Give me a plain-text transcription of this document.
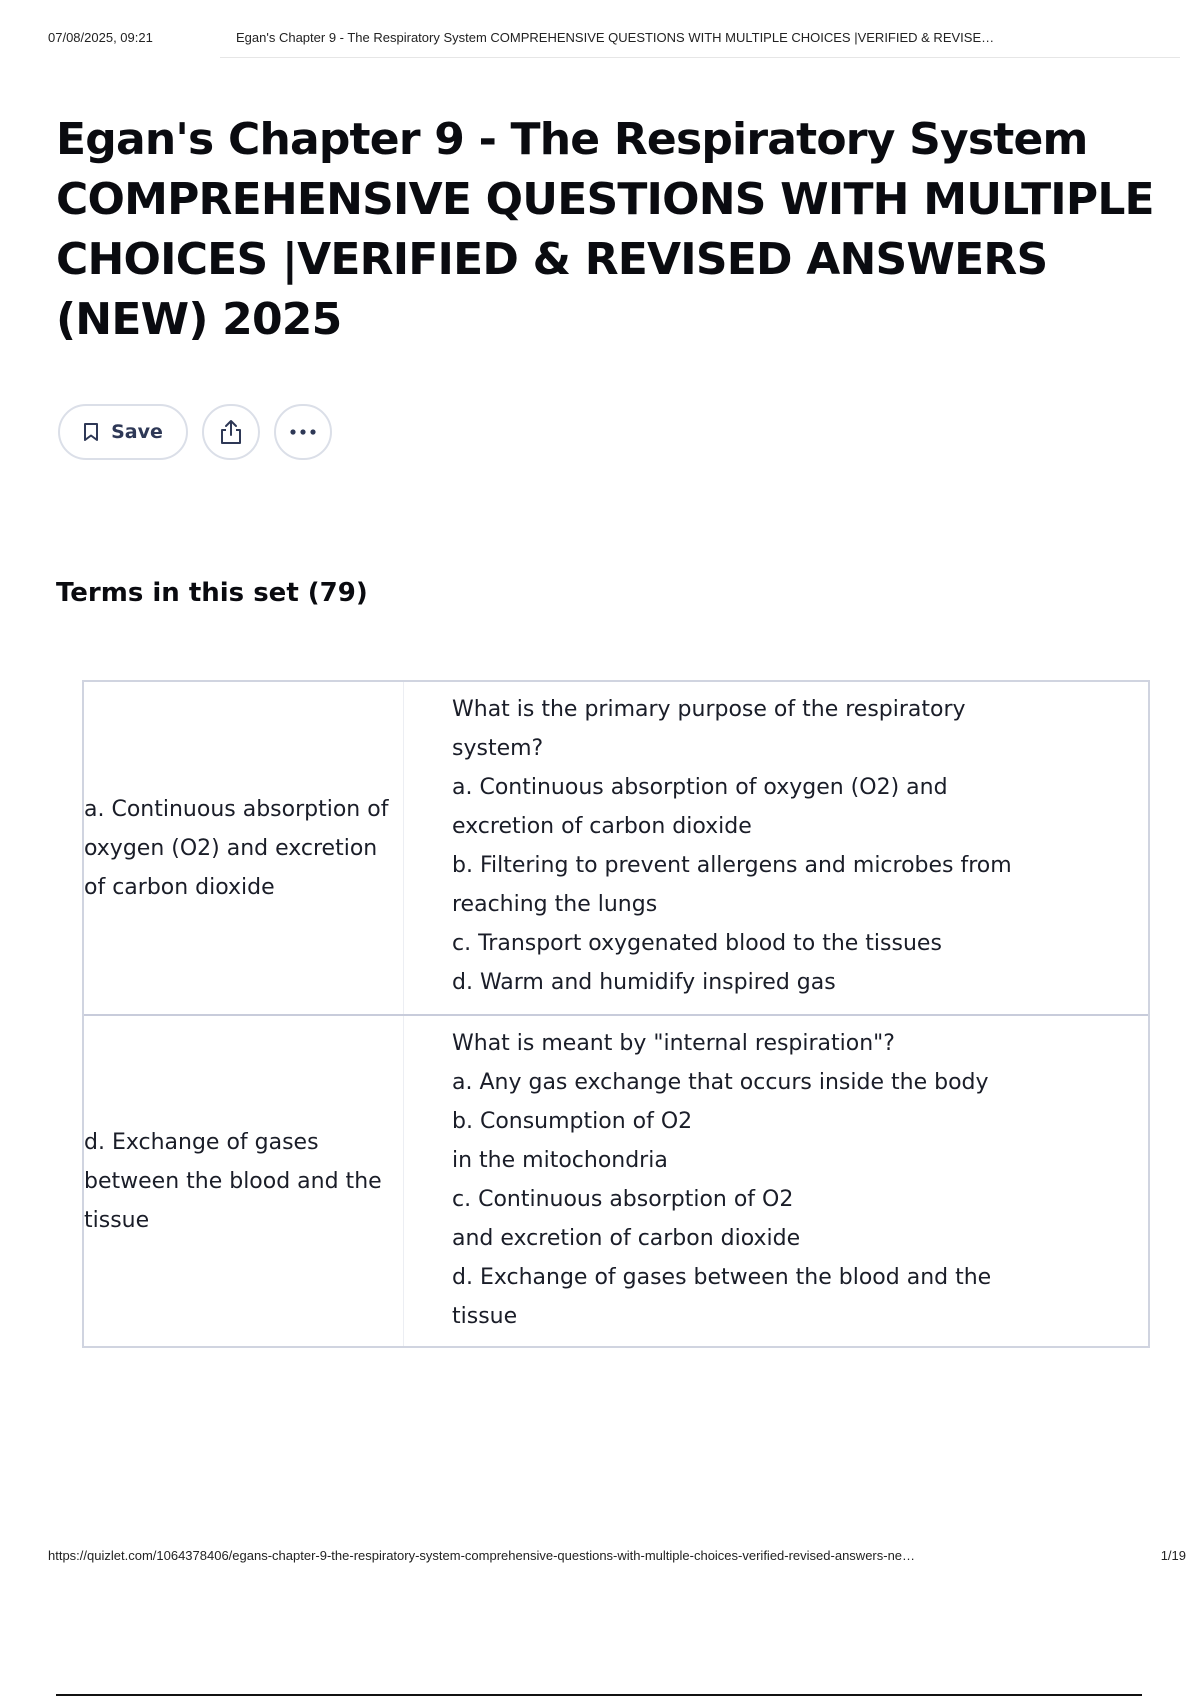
07/08/2025, 09:21	Egan's Chapter 9 - The Respiratory System COMPREHENSIVE QUESTIONS WITH MULTIPLE CHOICES |VERIFIED & REVISE…
Egan's Chapter 9 - The Respiratory System COMPREHENSIVE QUESTIONS WITH MULTIPLE CHOICES |VERIFIED & REVISED ANSWERS (NEW) 2025
Save
Terms in this set (79)
a. Continuous absorption of oxygen (O2) and excretion of carbon dioxide
What is the primary purpose of the respiratory
system?
a. Continuous absorption of oxygen (O2) and
excretion of carbon dioxide
b. Filtering to prevent allergens and microbes from
reaching the lungs
c. Transport oxygenated blood to the tissues
d. Warm and humidify inspired gas
d. Exchange of gases between the blood and the tissue
What is meant by "internal respiration"?
a. Any gas exchange that occurs inside the body
b. Consumption of O2
in the mitochondria
c. Continuous absorption of O2
and excretion of carbon dioxide
d. Exchange of gases between the blood and the
tissue
https://quizlet.com/1064378406/egans-chapter-9-the-respiratory-system-comprehensive-questions-with-multiple-choices-verified-revised-answers-ne…	1/19
